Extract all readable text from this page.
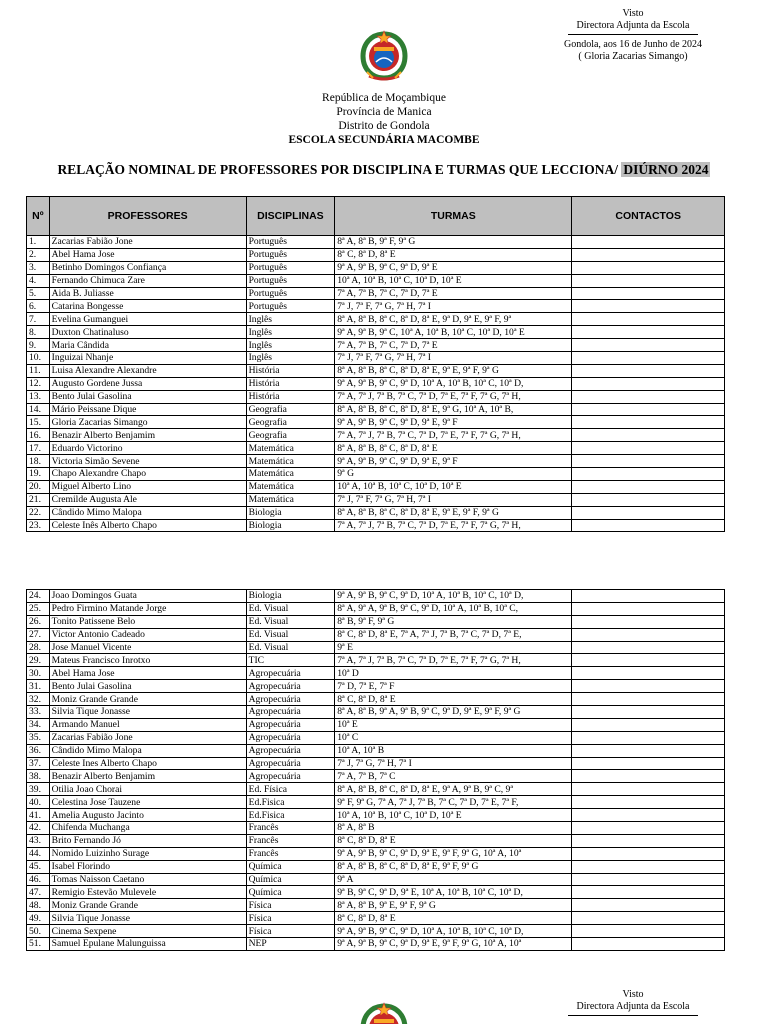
Visto
Directora Adjunta da Escola
Gondola, aos 16 de Junho de 2024
( Gloria Zacarias Simango)
República de Moçambique
Província de Manica
Distrito de Gondola
ESCOLA SECUNDÁRIA MACOMBE
RELAÇÃO NOMINAL DE PROFESSORES POR DISCIPLINA E TURMAS QUE LECCIONA/ DIÚRNO 2024
Nº	PROFESSORES	DISCIPLINAS	TURMAS	CONTACTOS
1.	Zacarias Fabião Jone	Português	8ª A, 8ª B, 9ª F, 9ª G	
2.	Abel Hama Jose	Português	8ª C, 8ª D, 8ª E	
3.	Betinho Domingos Confiança	Português	9ª A, 9ª B, 9ª C, 9ª D, 9ª E	
4.	Fernando Chimuca Zare	Português	10ª A, 10ª B, 10ª C, 10ª D, 10ª E	
5.	Aida B. Juliasse	Português	7ª A, 7ª B, 7ª C, 7ª D, 7ª E	
6.	Catarina Bongesse	Português	7ª J, 7ª F, 7ª G, 7ª H, 7ª I	
7.	Evelina Gumanguei	Inglês	8ª A, 8ª B, 8ª C, 8ª D, 8ª E, 9ª D, 9ª E, 9ª F, 9ª	
8.	Duxton Chatinaluso	Inglês	9ª A, 9ª B, 9ª C, 10ª A, 10ª B, 10ª C, 10ª D, 10ª E	
9.	Maria Cândida	Inglês	7ª A, 7ª B, 7ª C, 7ª D, 7ª E	
10.	Inguizai Nhanje	Inglês	7ª J, 7ª F, 7ª G, 7ª H, 7ª I	
11.	Luisa Alexandre Alexandre	História	8ª A, 8ª B, 8ª C, 8ª D, 8ª E, 9ª E, 9ª F, 9ª G	
12.	Augusto Gordene Jussa	História	9ª A, 9ª B, 9ª C, 9ª D, 10ª A, 10ª B, 10ª C, 10ª D,	
13.	Bento Julai Gasolina	História	7ª A, 7ª J, 7ª B, 7ª C, 7ª D, 7ª E, 7ª F, 7ª G, 7ª H,	
14.	Mário Peissane Dique	Geografia	8ª A, 8ª B, 8ª C, 8ª D, 8ª E, 9ª G, 10ª A, 10ª B,	
15.	Gloria Zacarias Simango	Geografia	9ª A, 9ª B, 9ª C, 9ª D, 9ª E, 9ª F	
16.	Benazir Alberto Benjamim	Geografia	7ª A, 7ª J, 7ª B, 7ª C, 7ª D, 7ª E, 7ª F, 7ª G, 7ª H,	
17.	Eduardo Victorino	Matemática	8ª A, 8ª B, 8ª C, 8ª D, 8ª E	
18.	Victoria Simão Sevene	Matemática	9ª A, 9ª B, 9ª C, 9ª D, 9ª E, 9ª F	
19.	Chapo Alexandre Chapo	Matemática	9ª G	
20.	Miguel Alberto Lino	Matemática	10ª A, 10ª B, 10ª C, 10ª D, 10ª E	
21.	Cremilde Augusta Ale	Matemática	7ª J, 7ª F, 7ª G, 7ª H, 7ª I	
22.	Cândido Mimo Malopa	Biologia	8ª A, 8ª B, 8ª C, 8ª D, 8ª E, 9ª E, 9ª F, 9ª G	
23.	Celeste Inês Alberto Chapo	Biologia	7ª A, 7ª J, 7ª B, 7ª C, 7ª D, 7ª E, 7ª F, 7ª G, 7ª H,	
24.	Joao Domingos Guata	Biologia	9ª A, 9ª B, 9ª C, 9ª D, 10ª A, 10ª B, 10ª C, 10ª D,	
25.	Pedro Firmino Matande Jorge	Ed. Visual	8ª A, 9ª A, 9ª B, 9ª C, 9ª D, 10ª A, 10ª B, 10ª C,	
26.	Tonito Patissene Belo	Ed. Visual	8ª B, 9ª F, 9ª G	
27.	Victor Antonio Cadeado	Ed. Visual	8ª C, 8ª D, 8ª E, 7ª A, 7ª J, 7ª B, 7ª C, 7ª D, 7ª E,	
28.	Jose Manuel Vicente	Ed. Visual	9ª E	
29.	Mateus Francisco Inrotxo	TIC	7ª A, 7ª J, 7ª B, 7ª C, 7ª D, 7ª E, 7ª F, 7ª G, 7ª H,	
30.	Abel Hama Jose	Agropecuária	10ª D	
31.	Bento Julai Gasolina	Agropecuária	7ª D, 7ª E, 7ª F	
32.	Moniz Grande Grande	Agropecuária	8ª C, 8ª D, 8ª E	
33.	Silvia Tique Jonasse	Agropecuária	8ª A, 8ª B, 9ª A, 9ª B, 9ª C, 9ª D, 9ª E, 9ª F, 9ª G	
34.	Armando Manuel	Agropecuária	10ª E	
35.	Zacarias Fabião Jone	Agropecuária	10ª C	
36.	Cândido Mimo Malopa	Agropecuária	10ª A, 10ª B	
37.	Celeste Ines Alberto Chapo	Agropecuária	7ª J, 7ª G, 7ª H, 7ª I	
38.	Benazir Alberto Benjamim	Agropecuária	7ª A, 7ª B, 7ª C	
39.	Otilia Joao Chorai	Ed. Física	8ª A, 8ª B, 8ª C, 8ª D, 8ª E, 9ª A, 9ª B, 9ª C, 9ª	
40.	Celestina Jose Tauzene	Ed.Fisica	9ª F, 9ª G, 7ª A, 7ª J, 7ª B, 7ª C, 7ª D, 7ª E, 7ª F,	
41.	Amelia Augusto Jacinto	Ed.Fisica	10ª A, 10ª B, 10ª C, 10ª D, 10ª E	
42.	Chifenda Muchanga	Francês	8ª A, 8ª B	
43.	Brito Fernando Jó	Francês	8ª C, 8ª D, 8ª E	
44.	Nomido Luizinho Surage	Francês	9ª A, 9ª B, 9ª C, 9ª D, 9ª E, 9ª F, 9ª G, 10ª A, 10ª	
45.	Isabel Florindo	Química	8ª A, 8ª B, 8ª C, 8ª D, 8ª E, 9ª F, 9ª G	
46.	Tomas Naisson Caetano	Química	9ª A	
47.	Remigio Estevão Mulevele	Química	9ª B, 9ª C, 9ª D, 9ª E, 10ª A, 10ª B, 10ª C, 10ª D,	
48.	Moniz Grande Grande	Física	8ª A, 8ª B, 9ª E, 9ª F, 9ª G	
49.	Silvia Tique Jonasse	Física	8ª C, 8ª D, 8ª E	
50.	Cinema Sexpene	Física	9ª A, 9ª B, 9ª C, 9ª D, 10ª A, 10ª B, 10ª C, 10ª D,	
51.	Samuel Epulane Malunguissa	NEP	9ª A, 9ª B, 9ª C, 9ª D, 9ª E, 9ª F, 9ª G, 10ª A, 10ª	
Visto
Directora Adjunta da Escola
